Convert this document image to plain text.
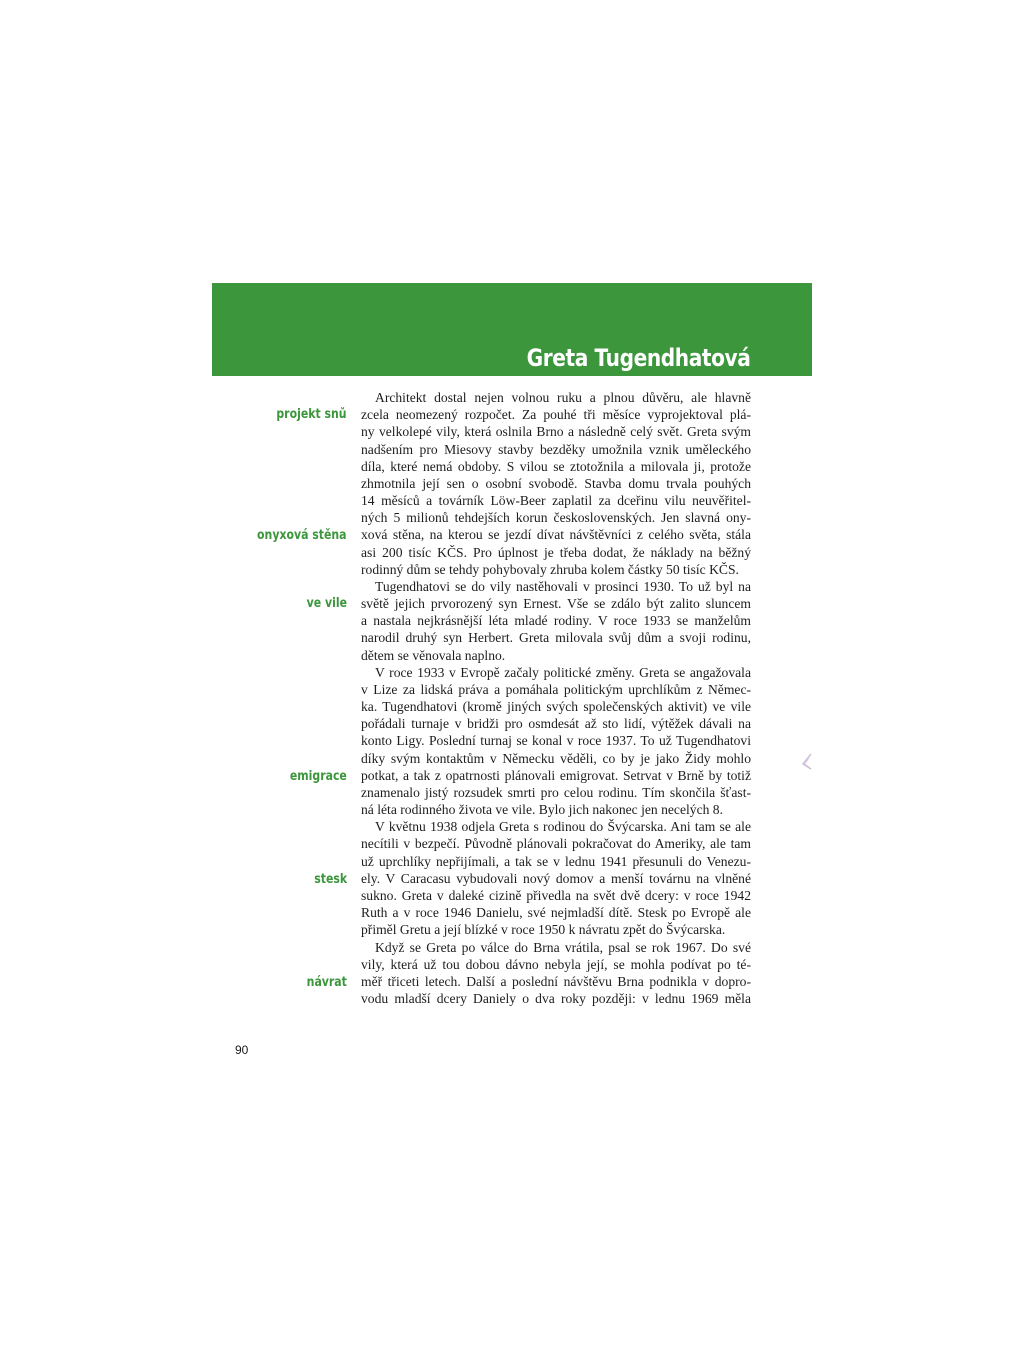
Greta Tugendhatová
projekt snů
onyxová stěna
ve vile
emigrace
stesk
návrat
Architekt dostal nejen volnou ruku a plnou důvěru, ale hlavně
zcela neomezený rozpočet. Za pouhé tři měsíce vyprojektoval plá-
ny velkolepé vily, která oslnila Brno a následně celý svět. Greta svým
nadšením pro Miesovy stavby bezděky umožnila vznik uměleckého
díla, které nemá obdoby. S vilou se ztotožnila a milovala ji, protože
zhmotnila její sen o osobní svobodě. Stavba domu trvala pouhých
14 měsíců a továrník Löw-Beer zaplatil za dceřinu vilu neuvěřitel-
ných 5 milionů tehdejších korun československých. Jen slavná ony-
xová stěna, na kterou se jezdí dívat návštěvníci z celého světa, stála
asi 200 tisíc KČS. Pro úplnost je třeba dodat, že náklady na běžný
rodinný dům se tehdy pohybovaly zhruba kolem částky 50 tisíc KČS.
Tugendhatovi se do vily nastěhovali v prosinci 1930. To už byl na
světě jejich prvorozený syn Ernest. Vše se zdálo být zalito sluncem
a nastala nejkrásnější léta mladé rodiny. V roce 1933 se manželům
narodil druhý syn Herbert. Greta milovala svůj dům a svoji rodinu,
dětem se věnovala naplno.
V roce 1933 v Evropě začaly politické změny. Greta se angažovala
v Lize za lidská práva a pomáhala politickým uprchlíkům z Němec-
ka. Tugendhatovi (kromě jiných svých společenských aktivit) ve vile
pořádali turnaje v bridži pro osmdesát až sto lidí, výtěžek dávali na
konto Ligy. Poslední turnaj se konal v roce 1937. To už Tugendhatovi
díky svým kontaktům v Německu věděli, co by je jako Židy mohlo
potkat, a tak z opatrnosti plánovali emigrovat. Setrvat v Brně by totiž
znamenalo jistý rozsudek smrti pro celou rodinu. Tím skončila šťast-
ná léta rodinného života ve vile. Bylo jich nakonec jen necelých 8.
V květnu 1938 odjela Greta s rodinou do Švýcarska. Ani tam se ale
necítili v bezpečí. Původně plánovali pokračovat do Ameriky, ale tam
už uprchlíky nepřijímali, a tak se v lednu 1941 přesunuli do Venezu-
ely. V Caracasu vybudovali nový domov a menší továrnu na vlněné
sukno. Greta v daleké cizině přivedla na svět dvě dcery: v roce 1942
Ruth a v roce 1946 Danielu, své nejmladší dítě. Stesk po Evropě ale
přiměl Gretu a její blízké v roce 1950 k návratu zpět do Švýcarska.
Když se Greta po válce do Brna vrátila, psal se rok 1967. Do své
vily, která už tou dobou dávno nebyla její, se mohla podívat po té-
měř třiceti letech. Další a poslední návštěvu Brna podnikla v dopro-
vodu mladší dcery Daniely o dva roky později: v lednu 1969 měla
90
